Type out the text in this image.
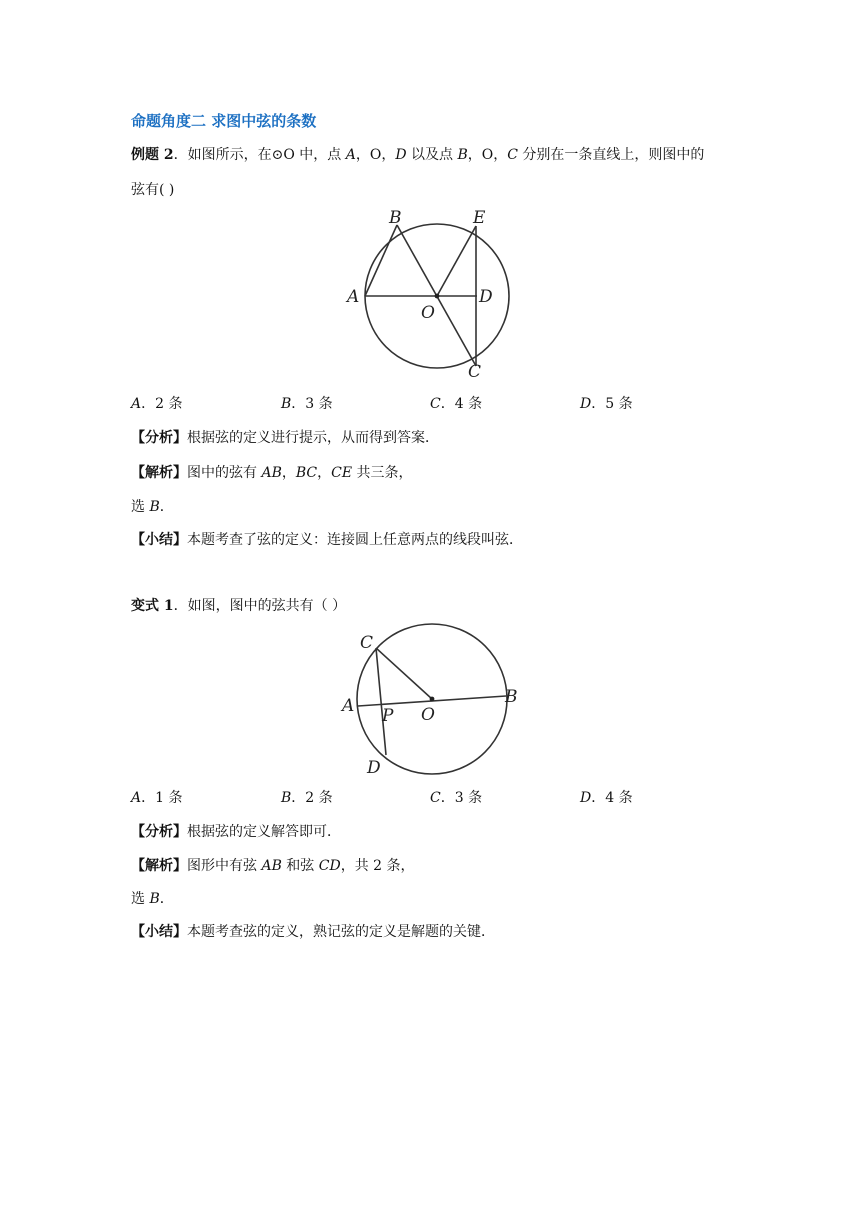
命题角度二 求图中弦的条数
例题 2．如图所示，在⊙O 中，点 A，O，D 以及点 B，O，C 分别在一条直线上，则图中的
弦有( )
B	E
A
O
D
C
A．2 条	B．3 条	C．4 条	D．5 条
【分析】根据弦的定义进行提示，从而得到答案．
【解析】图中的弦有 AB，BC，CE 共三条，
选 B．
【小结】本题考查了弦的定义：连接圆上任意两点的线段叫弦．
变式 1．如图，图中的弦共有（ ）
C
A P O
B
D
A．1 条	B．2 条	C．3 条	D．4 条
【分析】根据弦的定义解答即可．
【解析】图形中有弦 AB 和弦 CD，共 2 条，
选 B．
【小结】本题考查弦的定义，熟记弦的定义是解题的关键．
